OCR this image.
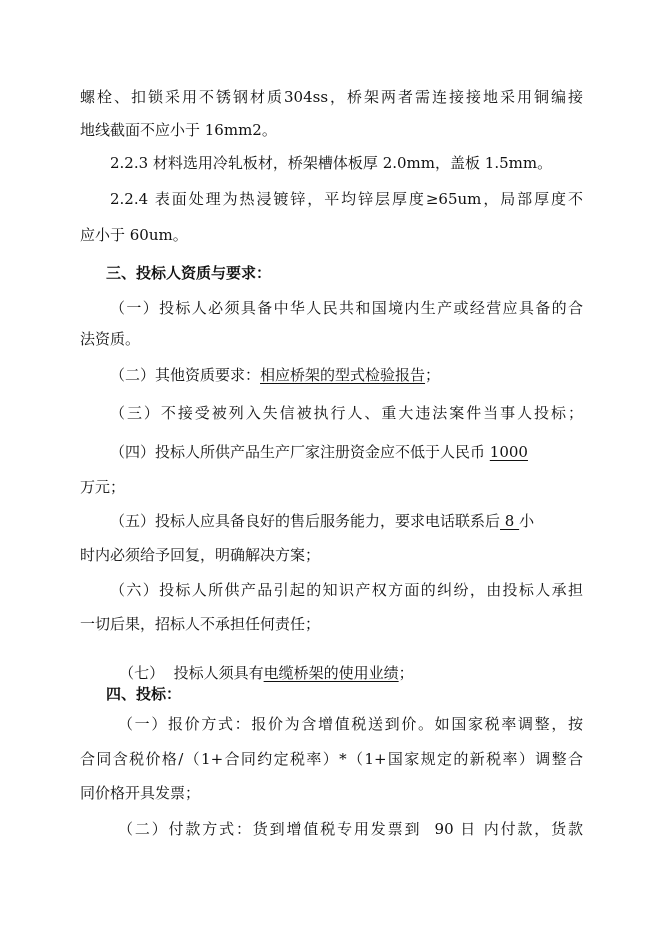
螺栓、扣锁采用不锈钢材质304ss，桥架两者需连接接地采用铜编接
地线截面不应小于 16mm2。
2.2.3 材料选用冷轧板材，桥架槽体板厚 2.0mm，盖板 1.5mm。
2.2.4 表面处理为热浸镀锌，平均锌层厚度≥65um，局部厚度不
应小于 60um。
三、投标人资质与要求：
（一）投标人必须具备中华人民共和国境内生产或经营应具备的合
法资质。
（二）其他资质要求：相应桥架的型式检验报告；
（三）不接受被列入失信被执行人、重大违法案件当事人投标；
（四）投标人所供产品生产厂家注册资金应不低于人民币 1000
万元；
（五）投标人应具备良好的售后服务能力，要求电话联系后 8 小
时内必须给予回复，明确解决方案；
（六）投标人所供产品引起的知识产权方面的纠纷，由投标人承担
一切后果，招标人不承担任何责任；

（七）  投标人须具有电缆桥架的使用业绩；

四、投标：
（一）报价方式：报价为含增值税送到价。如国家税率调整，按
合同含税价格/（1+合同约定税率）*（1+国家规定的新税率）调整合
同价格开具发票；
（二）付款方式：货到增值税专用发票到  90 日 内付款，货款
